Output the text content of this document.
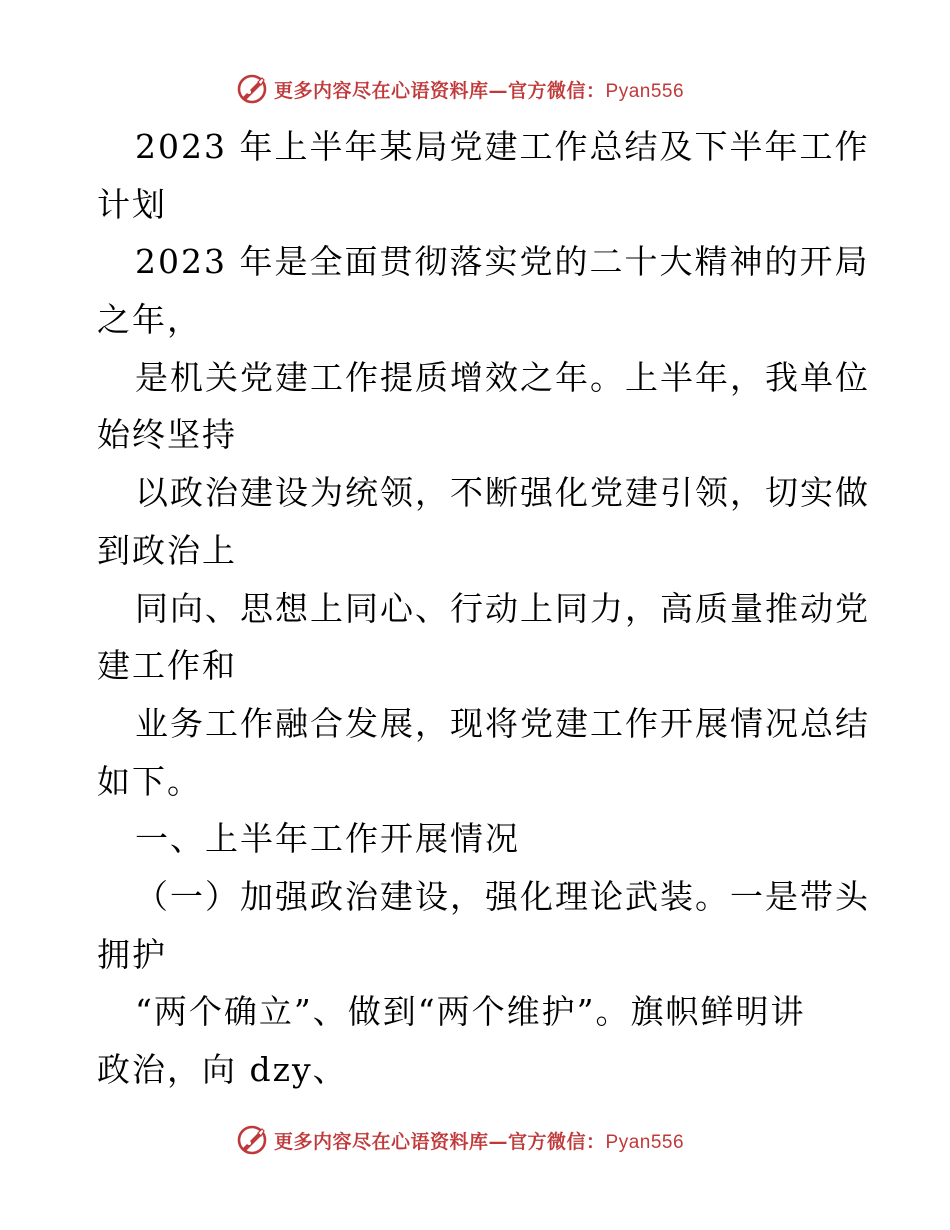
更多内容尽在心语资料库—官方微信：Pyan556
2023 年上半年某局党建工作总结及下半年工作
计划
2023 年是全面贯彻落实党的二十大精神的开局
之年，
是机关党建工作提质增效之年。上半年，我单位
始终坚持
以政治建设为统领，不断强化党建引领，切实做
到政治上
同向、思想上同心、行动上同力，高质量推动党
建工作和
业务工作融合发展，现将党建工作开展情况总结
如下。
一、上半年工作开展情况
（一）加强政治建设，强化理论武装。一是带头
拥护
“两个确立”、做到“两个维护”。旗帜鲜明讲
政治，向 dzy、
更多内容尽在心语资料库—官方微信：Pyan556
